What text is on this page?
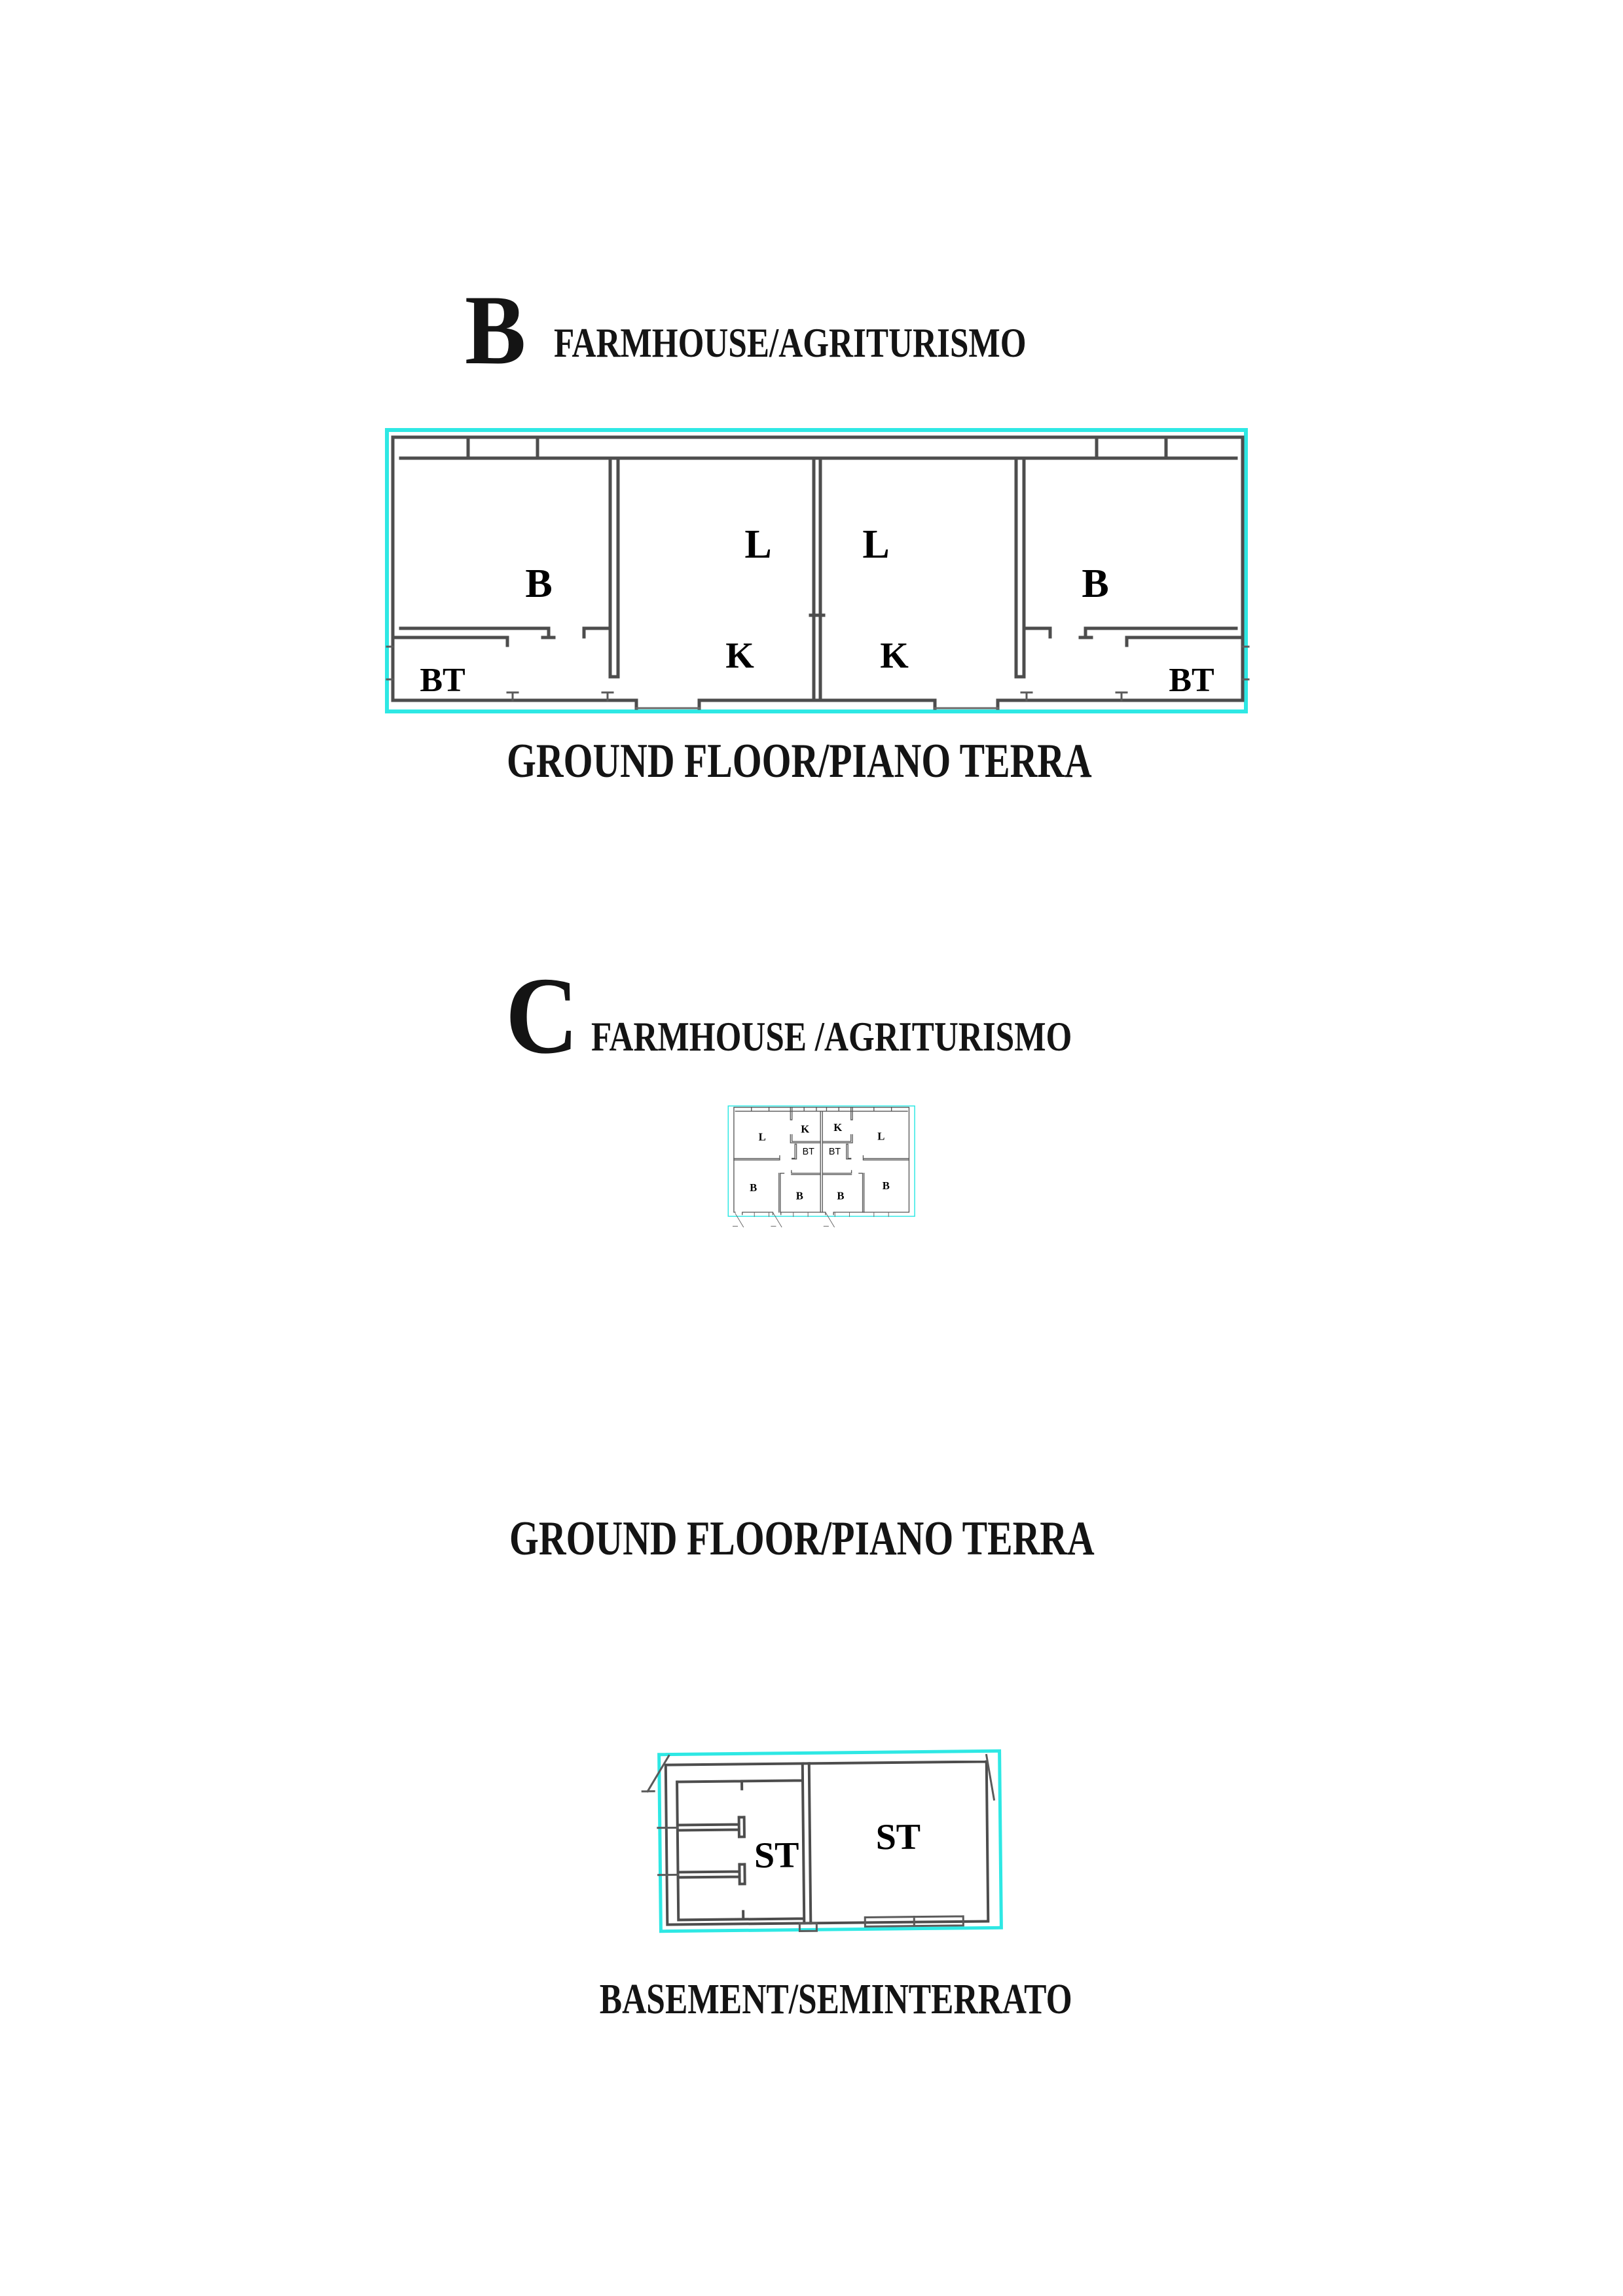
B FARMHOUSE/AGRITURISMO
B
L L
B
BT
K	K
BT
GROUND FLOOR/PIANO TERRA
C FARMHOUSE /AGRITURISMO
L
K K
L
BT BT
B
B B
B
GROUND FLOOR/PIANO TERRA
ST ST
BASEMENT/SEMINTERRATO
